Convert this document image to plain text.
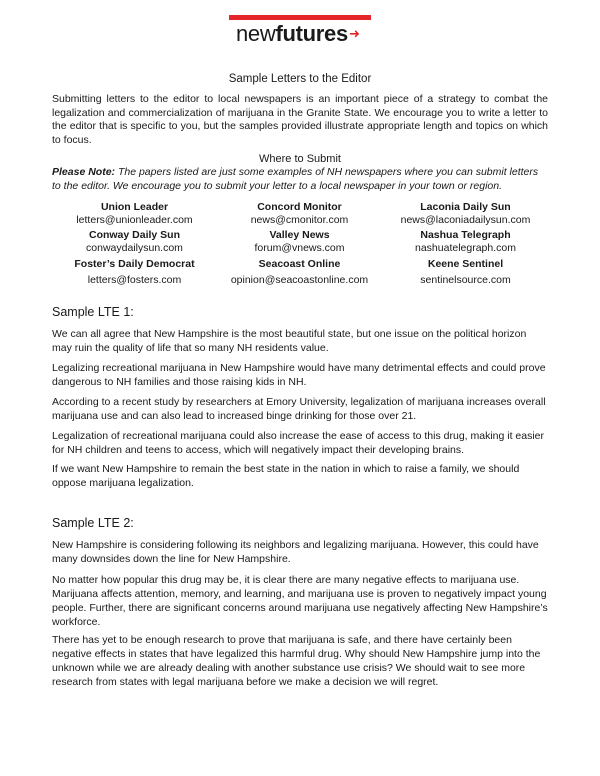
newfutures➜
Sample Letters to the Editor
Submitting letters to the editor to local newspapers is an important piece of a strategy to combat the legalization and commercialization of marijuana in the Granite State. We encourage you to write a letter to the editor that is specific to you, but the samples provided illustrate appropriate length and topics on which to focus.
Where to Submit
Please Note: The papers listed are just some examples of NH newspapers where you can submit letters to the editor. We encourage you to submit your letter to a local newspaper in your town or region.
Union Leader
letters@unionleader.com
Concord Monitor
news@cmonitor.com
Laconia Daily Sun
news@laconiadailysun.com
Conway Daily Sun
conwaydailysun.com
Valley News
forum@vnews.com
Nashua Telegraph
nashuatelegraph.com
Foster’s Daily Democrat
letters@fosters.com
Seacoast Online
opinion@seacoastonline.com
Keene Sentinel
sentinelsource.com
Sample LTE 1:
We can all agree that New Hampshire is the most beautiful state, but one issue on the political horizon may ruin the quality of life that so many NH residents value.
Legalizing recreational marijuana in New Hampshire would have many detrimental effects and could prove dangerous to NH families and those raising kids in NH.
According to a recent study by researchers at Emory University, legalization of marijuana increases overall marijuana use and can also lead to increased binge drinking for those over 21.
Legalization of recreational marijuana could also increase the ease of access to this drug, making it easier for NH children and teens to access, which will negatively impact their developing brains.
If we want New Hampshire to remain the best state in the nation in which to raise a family, we should oppose marijuana legalization.
Sample LTE 2:
New Hampshire is considering following its neighbors and legalizing marijuana. However, this could have many downsides down the line for New Hampshire.
No matter how popular this drug may be, it is clear there are many negative effects to marijuana use. Marijuana affects attention, memory, and learning, and marijuana use is proven to negatively impact young people. Further, there are significant concerns around marijuana use negatively affecting New Hampshire’s workforce.
There has yet to be enough research to prove that marijuana is safe, and there have certainly been negative effects in states that have legalized this harmful drug. Why should New Hampshire jump into the unknown while we are already dealing with another substance use crisis? We should wait to see more research from states with legal marijuana before we make a decision we will regret.
